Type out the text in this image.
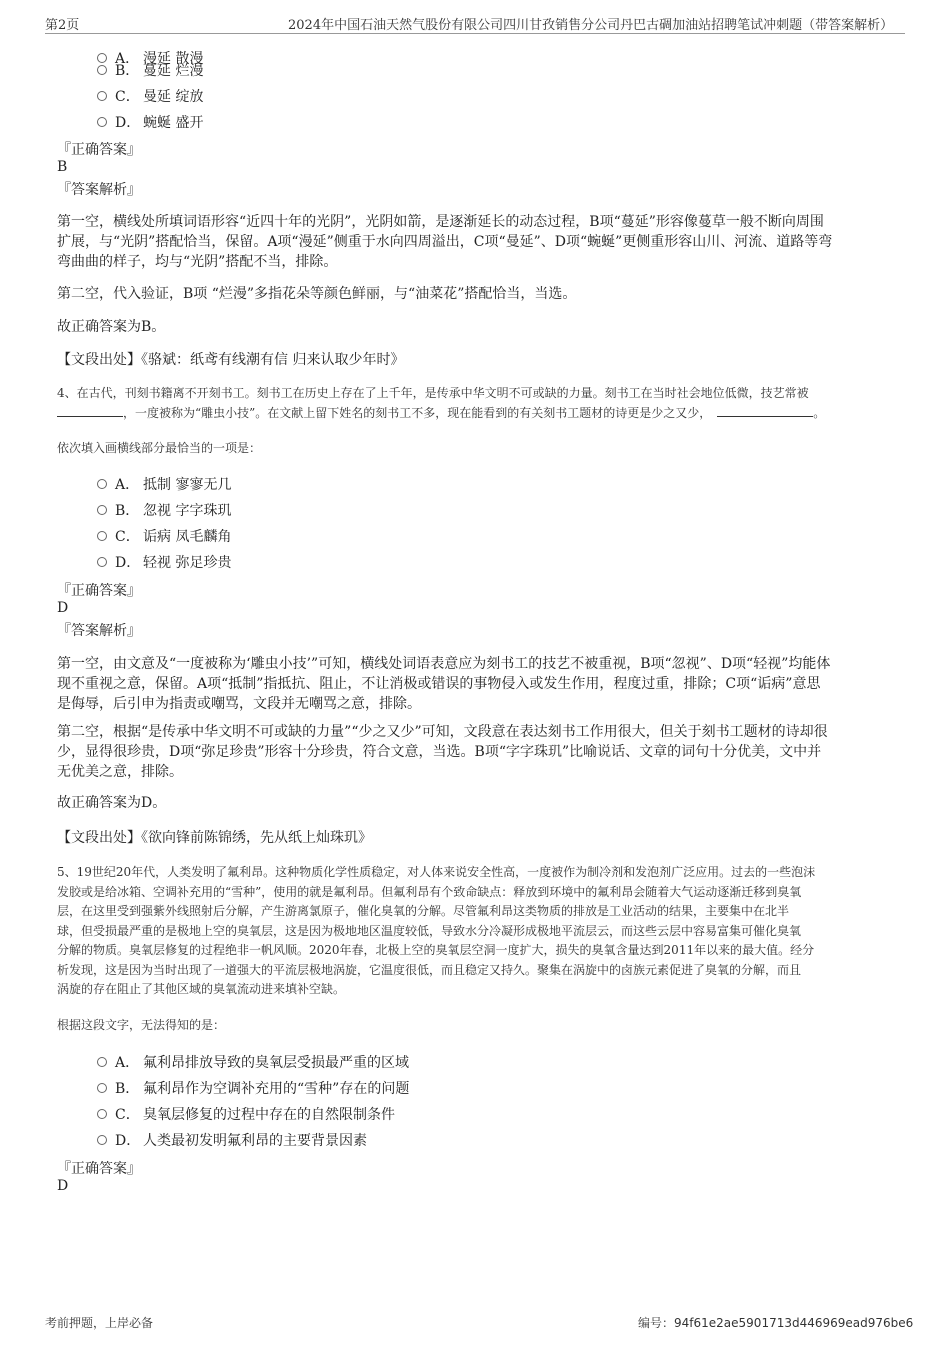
第2页	2024年中国石油天然气股份有限公司四川甘孜销售分公司丹巴古碉加油站招聘笔试冲刺题（带答案解析）
A． 漫延 散漫
B． 蔓延 烂漫
C． 曼延 绽放
D． 蜿蜒 盛开
『正确答案』
B
『答案解析』
第一空，横线处所填词语形容“近四十年的光阴”，光阴如箭，是逐渐延长的动态过程，B项“蔓延”形容像蔓草一般不断向周围
扩展，与“光阴”搭配恰当，保留。A项“漫延”侧重于水向四周溢出，C项“曼延”、D项“蜿蜒”更侧重形容山川、河流、道路等弯
弯曲曲的样子，均与“光阴”搭配不当，排除。
第二空，代入验证，B项 “烂漫”多指花朵等颜色鲜丽，与“油菜花”搭配恰当，当选。
故正确答案为B。
【文段出处】《骆斌：纸鸢有线潮有信 归来认取少年时》
4、在古代，刊刻书籍离不开刻书工。刻书工在历史上存在了上千年，是传承中华文明不可或缺的力量。刻书工在当时社会地位低微，技艺常被
，一度被称为“雕虫小技”。在文献上留下姓名的刻书工不多，现在能看到的有关刻书工题材的诗更是少之又少，	。
依次填入画横线部分最恰当的一项是：
A． 抵制 寥寥无几
B． 忽视 字字珠玑
C． 诟病 凤毛麟角
D． 轻视 弥足珍贵
『正确答案』
D
『答案解析』
第一空，由文意及“一度被称为‘雕虫小技’”可知，横线处词语表意应为刻书工的技艺不被重视，B项“忽视”、D项“轻视”均能体
现不重视之意，保留。A项“抵制”指抵抗、阻止，不让消极或错误的事物侵入或发生作用，程度过重，排除；C项“诟病”意思
是侮辱，后引申为指责或嘲骂，文段并无嘲骂之意，排除。
第二空，根据“是传承中华文明不可或缺的力量”“少之又少”可知，文段意在表达刻书工作用很大，但关于刻书工题材的诗却很
少，显得很珍贵，D项“弥足珍贵”形容十分珍贵，符合文意，当选。B项“字字珠玑”比喻说话、文章的词句十分优美，文中并
无优美之意，排除。
故正确答案为D。
【文段出处】《欲向锋前陈锦绣，先从纸上灿珠玑》
5、19世纪20年代，人类发明了氟利昂。这种物质化学性质稳定，对人体来说安全性高，一度被作为制冷剂和发泡剂广泛应用。过去的一些泡沫
发胶或是给冰箱、空调补充用的“雪种”，使用的就是氟利昂。但氟利昂有个致命缺点：释放到环境中的氟利昂会随着大气运动逐渐迁移到臭氧
层，在这里受到强紫外线照射后分解，产生游离氯原子，催化臭氧的分解。尽管氟利昂这类物质的排放是工业活动的结果，主要集中在北半
球，但受损最严重的是极地上空的臭氧层，这是因为极地地区温度较低，导致水分冷凝形成极地平流层云，而这些云层中容易富集可催化臭氧
分解的物质。臭氧层修复的过程绝非一帆风顺。2020年春，北极上空的臭氧层空洞一度扩大，损失的臭氧含量达到2011年以来的最大值。经分
析发现，这是因为当时出现了一道强大的平流层极地涡旋，它温度很低，而且稳定又持久。聚集在涡旋中的卤族元素促进了臭氧的分解，而且
涡旋的存在阻止了其他区域的臭氧流动进来填补空缺。
根据这段文字，无法得知的是：
A． 氟利昂排放导致的臭氧层受损最严重的区域
B． 氟利昂作为空调补充用的“雪种”存在的问题
C． 臭氧层修复的过程中存在的自然限制条件
D． 人类最初发明氟利昂的主要背景因素
『正确答案』
D
考前押题，上岸必备	编号：94f61e2ae5901713d446969ead976be6
